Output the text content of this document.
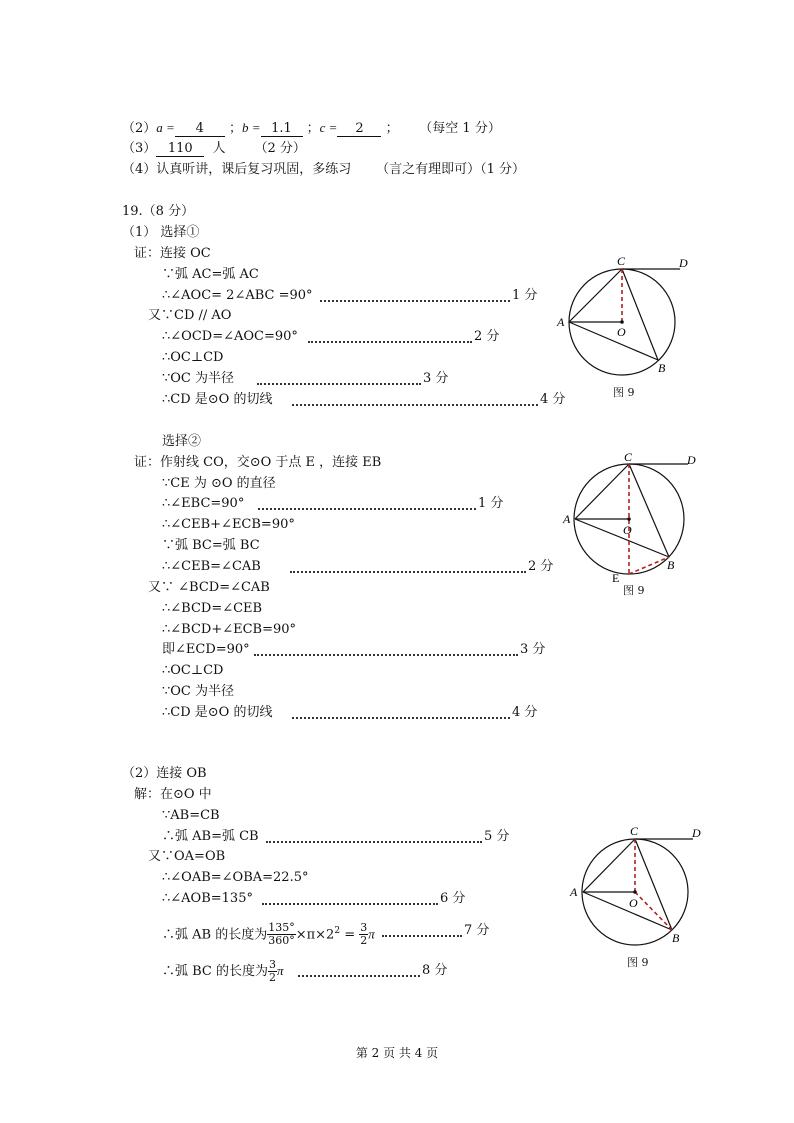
（2）a = 4 ；b = 1.1 ；c = 2 ； （每空 1 分）
（3） 110 人 （2 分）
（4）认真听讲，课后复习巩固，多练习 （言之有理即可）（1 分）
19.（8 分）
（1） 选择①
证：连接 OC
∵弧 AC=弧 AC
∴∠AOC= 2∠ABC =90°	1 分
又∵CD // AO
∴∠OCD=∠AOC=90°	2 分
∴OC⊥CD
∵OC 为半径	3 分
∴CD 是⊙O 的切线	4 分
C	D
A
O
B
图 9
选择②
证：作射线 CO，交⊙O 于点 E ，连接 EB
∵CE 为 ⊙O 的直径
∴∠EBC=90°	1 分
∴∠CEB+∠ECB=90°
∵弧 BC=弧 BC
∴∠CEB=∠CAB	2 分
又∵ ∠BCD=∠CAB
∴∠BCD=∠CEB
∴∠BCD+∠ECB=90°
即∠ECD=90°	3 分
∴OC⊥CD
∵OC 为半径
∴CD 是⊙O 的切线	4 分
C	D
A
O
B
E
图 9
（2）连接 OB
解：在⊙O 中
∵AB=CB
∴弧 AB=弧 CB	5 分
又∵OA=OB
∴∠OAB=∠OBA=22.5°
∴∠AOB=135°	6 分
∴弧 AB 的长度为 $\frac{135^\circ}{360^\circ} \times\pi\times 2^2 = \frac{3}{2}$ π	7 分
∴弧 BC 的长度为 $\frac{3}{2}$ π	8 分
C	D
A
O
B
图 9
第 2 页 共 4 页
